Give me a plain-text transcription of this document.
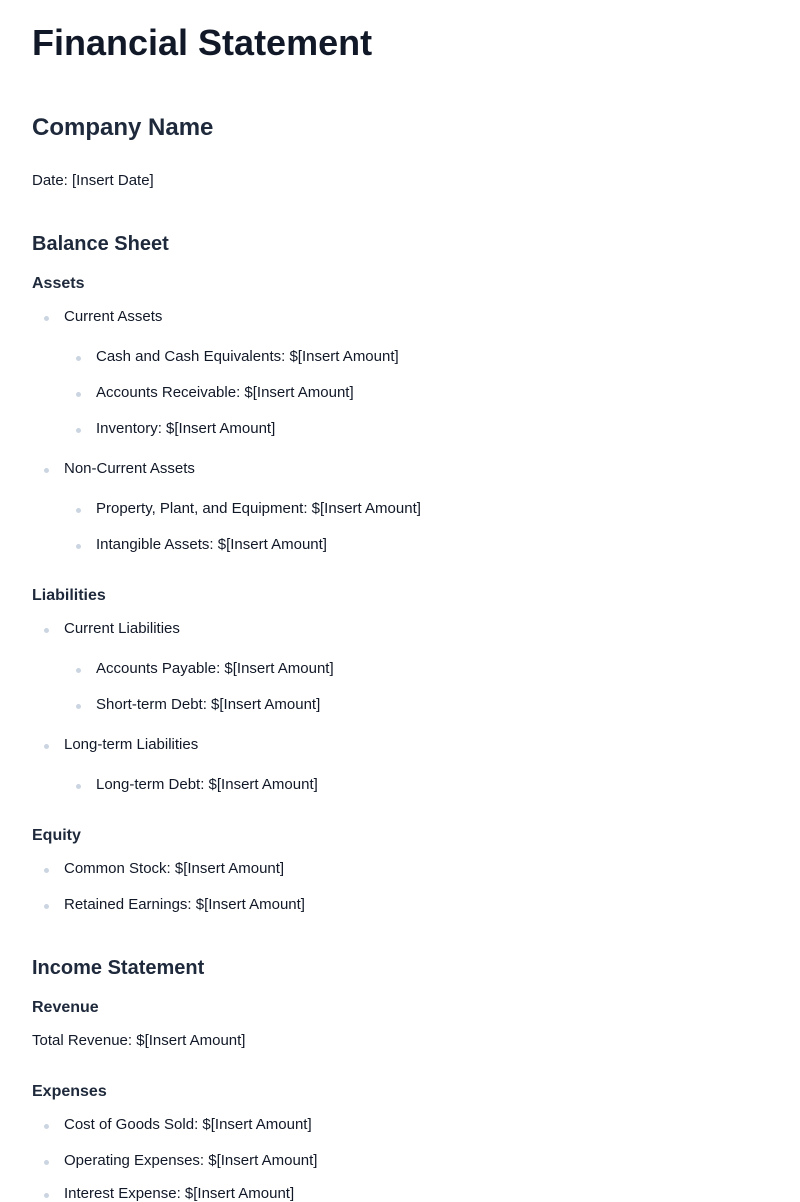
Financial Statement
Company Name
Date: [Insert Date]
Balance Sheet
Assets
Current Assets
Cash and Cash Equivalents: $[Insert Amount]
Accounts Receivable: $[Insert Amount]
Inventory: $[Insert Amount]
Non-Current Assets
Property, Plant, and Equipment: $[Insert Amount]
Intangible Assets: $[Insert Amount]
Liabilities
Current Liabilities
Accounts Payable: $[Insert Amount]
Short-term Debt: $[Insert Amount]
Long-term Liabilities
Long-term Debt: $[Insert Amount]
Equity
Common Stock: $[Insert Amount]
Retained Earnings: $[Insert Amount]
Income Statement
Revenue
Total Revenue: $[Insert Amount]
Expenses
Cost of Goods Sold: $[Insert Amount]
Operating Expenses: $[Insert Amount]
Interest Expense: $[Insert Amount]
